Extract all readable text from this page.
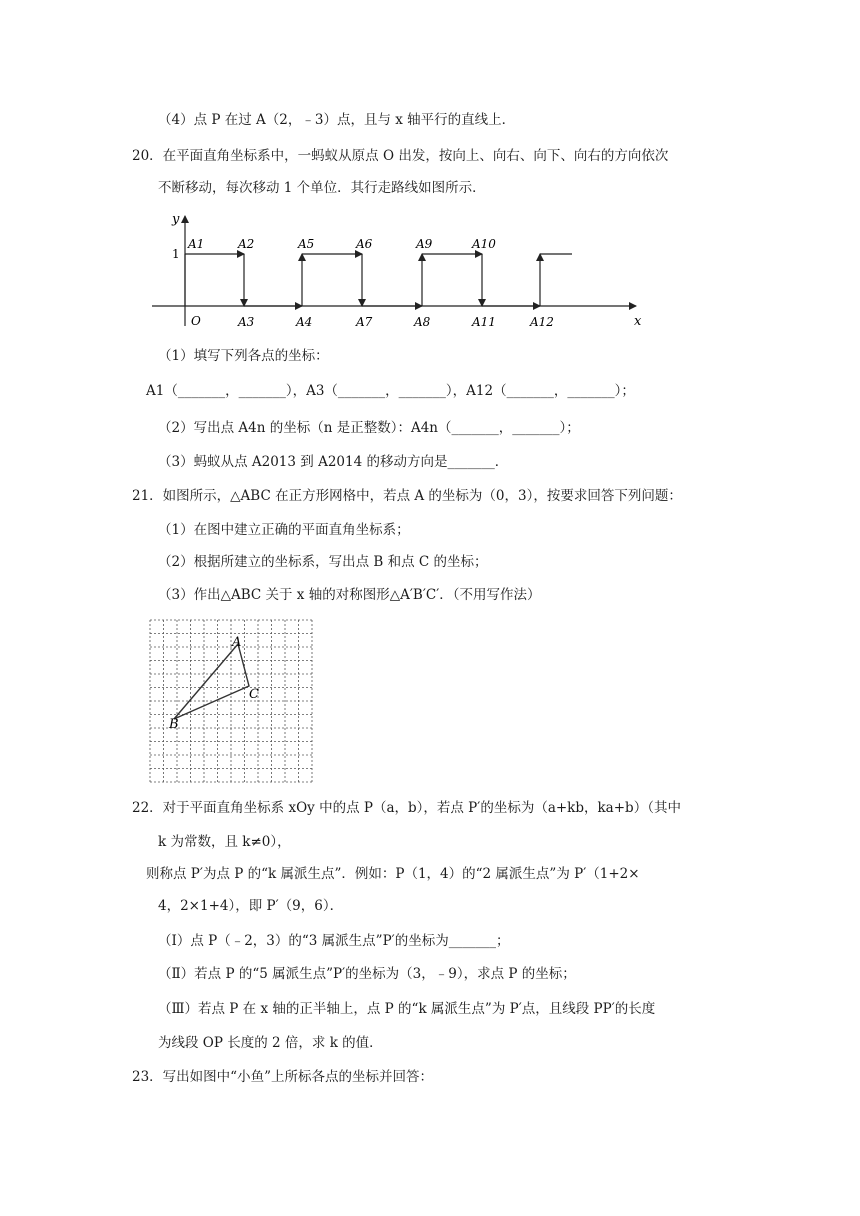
（4）点 P 在过 A（2，﹣3）点，且与 x 轴平行的直线上．
20．在平面直角坐标系中，一蚂蚁从原点 O 出发，按向上、向右、向下、向右的方向依次
不断移动，每次移动 1 个单位．其行走路线如图所示．
y
x
O
1
A1	A2	A5	A6	A9	A10
A3	A4	A7	A8	A11	A12
（1）填写下列各点的坐标：
A1（_______，_______），A3（_______，_______），A12（_______，_______）；
（2）写出点 A4n 的坐标（n 是正整数）：A4n（_______，_______）；
（3）蚂蚁从点 A2013 到 A2014 的移动方向是_______．
21．如图所示，△ABC 在正方形网格中，若点 A 的坐标为（0，3），按要求回答下列问题：
（1）在图中建立正确的平面直角坐标系；
（2）根据所建立的坐标系，写出点 B 和点 C 的坐标；
（3）作出△ABC 关于 x 轴的对称图形△A′B′C′．（不用写作法）
A
B
C
22．对于平面直角坐标系 xOy 中的点 P（a，b），若点 P′的坐标为（a+kb，ka+b）（其中
k 为常数，且 k≠0），
则称点 P′为点 P 的“k 属派生点”．例如：P（1，4）的“2 属派生点”为 P′（1+2×
4，2×1+4），即 P′（9，6）．
（Ⅰ）点 P（﹣2，3）的“3 属派生点”P′的坐标为_______；
（Ⅱ）若点 P 的“5 属派生点”P′的坐标为（3，﹣9），求点 P 的坐标；
（Ⅲ）若点 P 在 x 轴的正半轴上，点 P 的“k 属派生点”为 P′点，且线段 PP′的长度
为线段 OP 长度的 2 倍，求 k 的值．
23．写出如图中“小鱼”上所标各点的坐标并回答：
